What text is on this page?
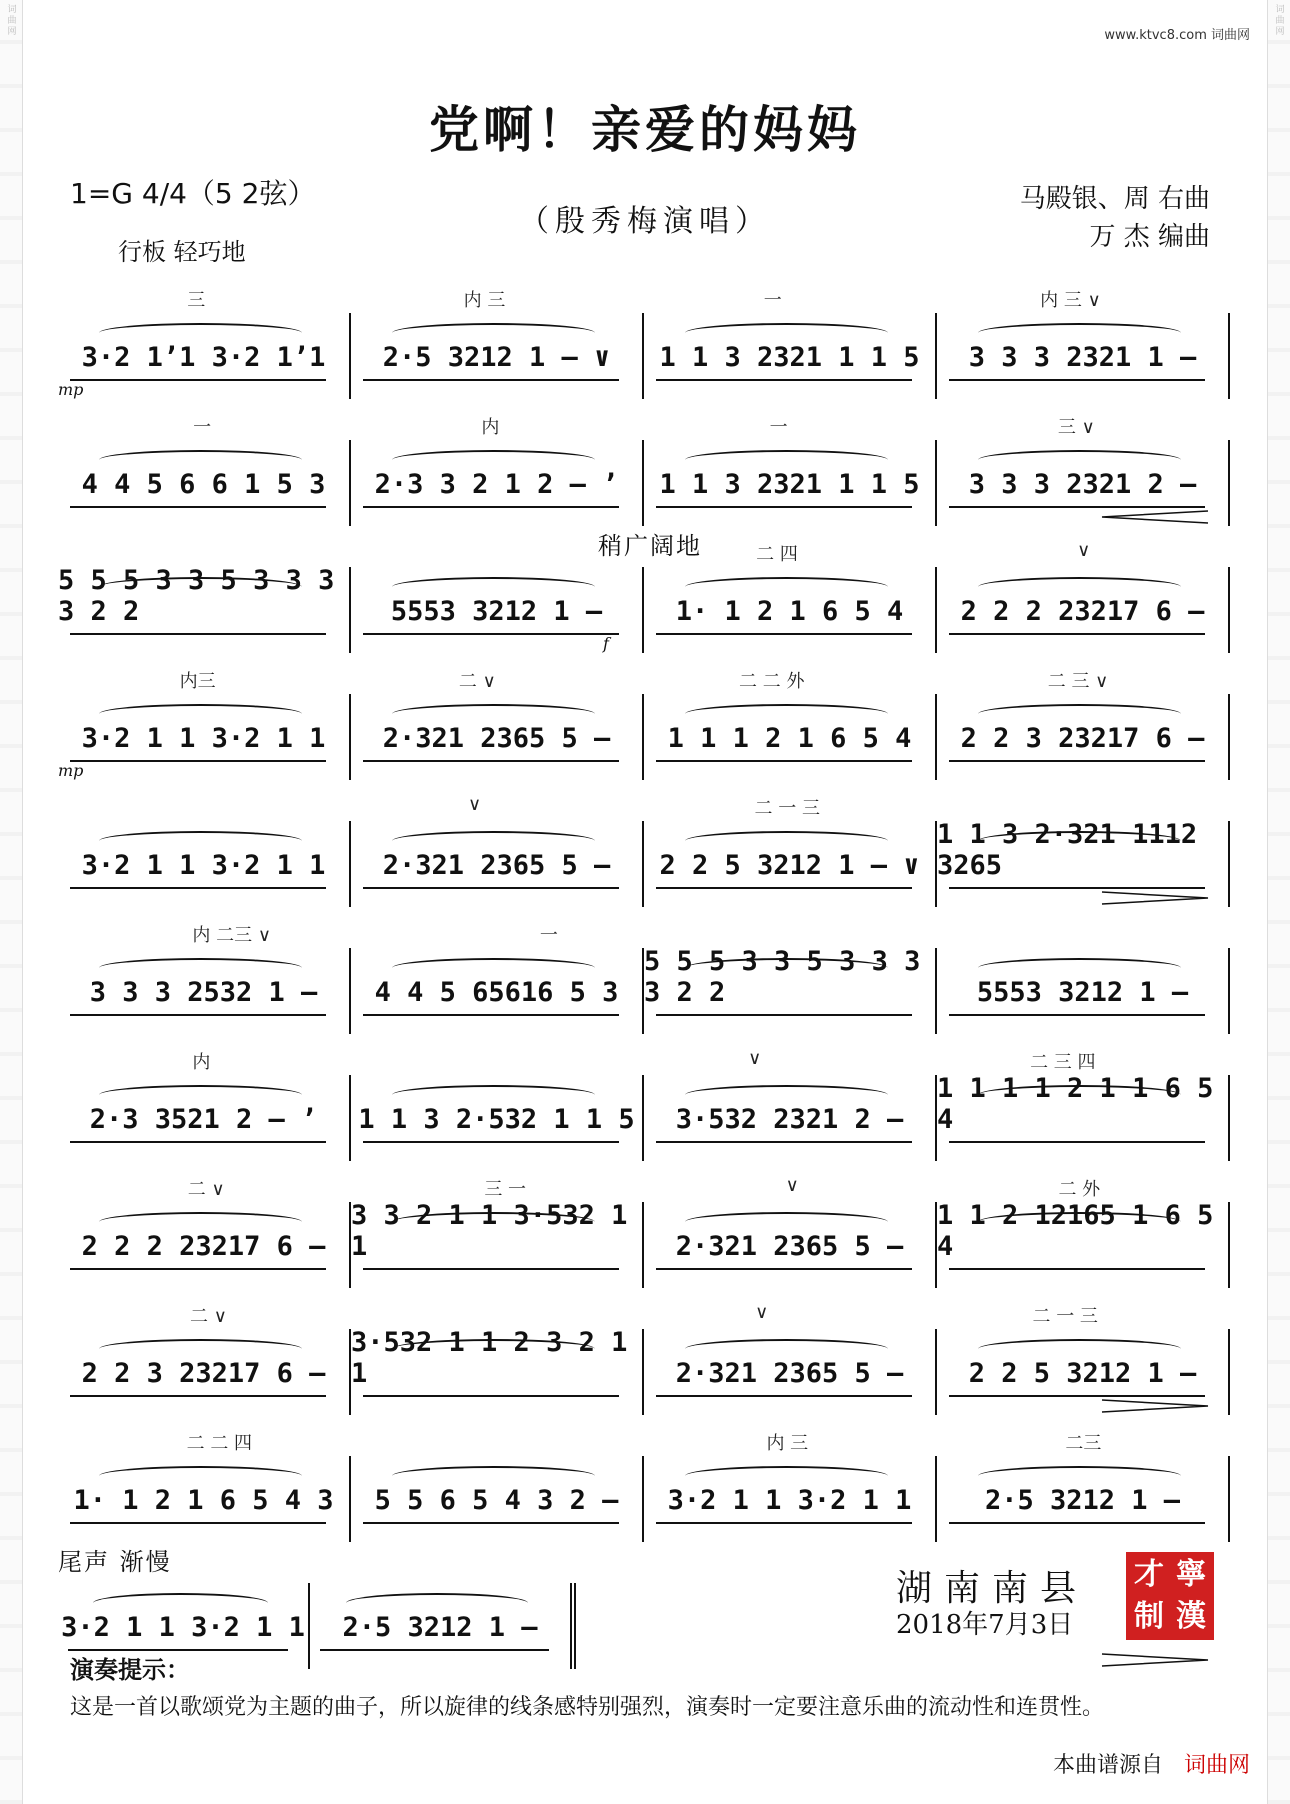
词曲网	词曲网
www.ktvc8.com 词曲网
党啊！亲爱的妈妈
1=G 4/4（5 2弦）
行板 轻巧地
（殷秀梅演唱）
马殿银、周 右曲
万 杰 编曲
三	内 三	一	内 三 ∨
mp
3·2 1ʼ1 3·2 1ʼ1 2·5 3212 1 – ∨ 1 1 3 2321 1 1 5 3 3 3 2321 1 –
一	内	一	三 ∨
4 4 5 6 6 1 5 3 2·3 3 2 1 2 – ʼ 1 1 3 2321 1 1 5 3 3 3 2321 2 –
稍广阔地	二 四	∨
f
5 5 5 3 3 5 3 3 3 3 2 2	5553 3212 1 –	1· 1 2 1 6 5 4 2 2 2 23217 6 –
内三	二 ∨	二 二 外	二 三 ∨
mp
3·2 1 1 3·2 1 1 2·321 2365 5 – 1 1 1 2 1 6 5 4 2 2 3 23217 6 –
∨	二 一 三
3·2 1 1 3·2 1 1 2·321 2365 5 – 2 2 5 3212 1 – ∨
1 1 3 2·321 1112 3265
内 二三 ∨	一
3 3 3 2532 1 – 4 4 5 65616 5 3
5 5 5 3 3 5 3 3 3 3 2 2	5553 3212 1 –
内	∨	二 三 四
2·3 3521 2 – ʼ 1 1 3 2·532 1 1 5 3·532 2321 2 –
1 1 1 1 2 1 1 6 5 4
二 ∨	三 一	∨	二 外
2 2 2 23217 6 –
3 3 2 1 1 3·532 1 1	2·321 2365 5 –
1 1 2 12165 1 6 5 4
二 ∨	∨	二 一 三
2 2 3 23217 6 –
3·532 1 1 2 3 2 1 1	2·321 2365 5 – 2 2 5 3212 1 –
二 二 四	内 三	二三
1· 1 2 1 6 5 4 3 5 5 6 5 4 3 2 – 3·2 1 1 3·2 1 1	2·5 3212 1 –
尾声 渐慢
3·2 1 1 3·2 1 1 2·5 3212 1 –
湖南南县
2018年7月3日
才 寧
制 漢
演奏提示：
这是一首以歌颂党为主题的曲子，所以旋律的线条感特别强烈，演奏时一定要注意乐曲的流动性和连贯性。
本曲谱源自 词曲网
